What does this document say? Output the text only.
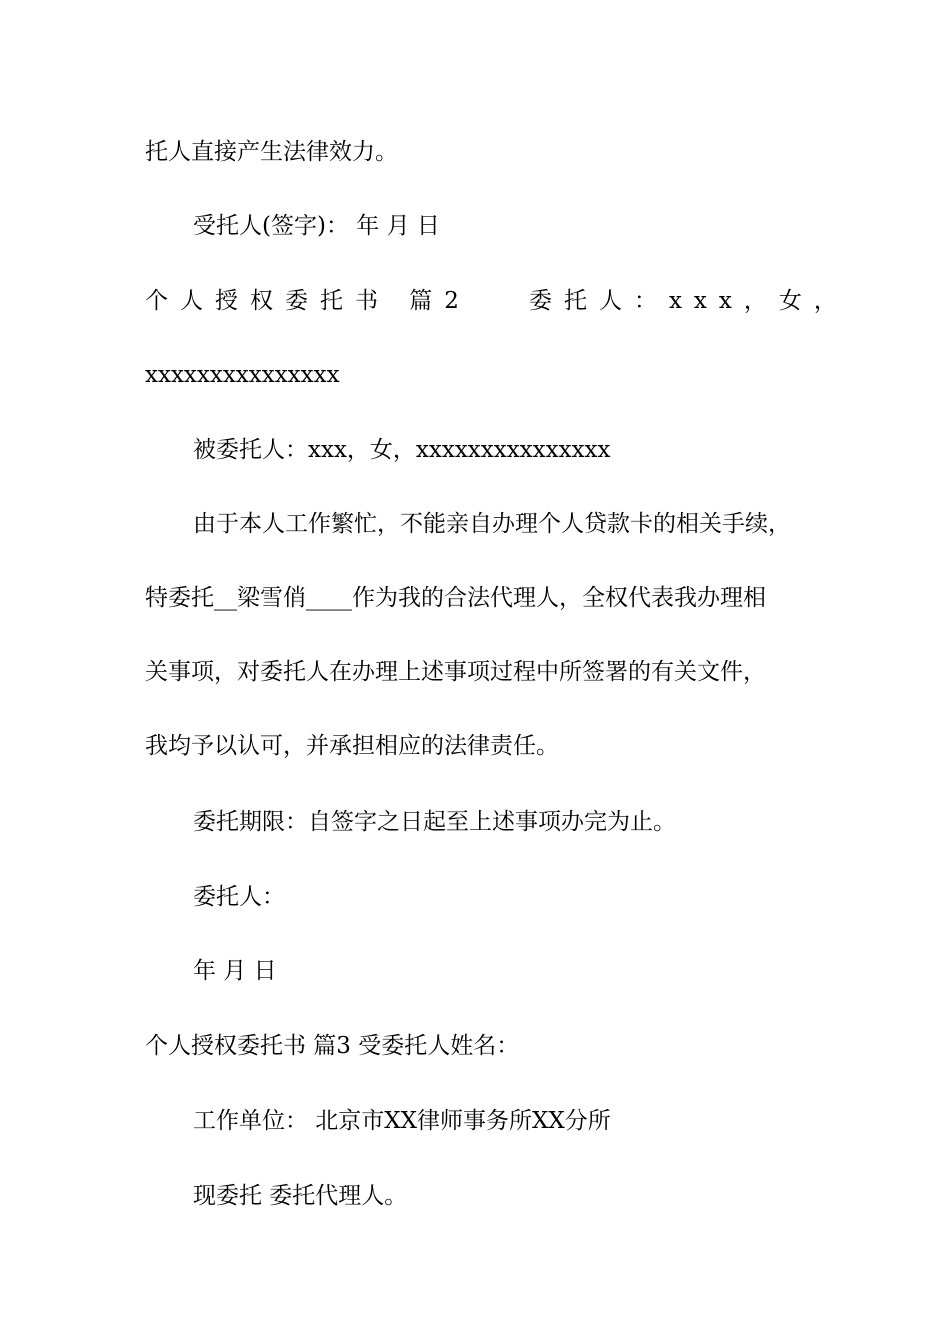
托人直接产生法律效力。
受托人(签字)： 年 月 日
个人授权委托书 篇2	委托人：xxx，女，
xxxxxxxxxxxxxxx
被委托人：xxx，女，xxxxxxxxxxxxxxx
由于本人工作繁忙，不能亲自办理个人贷款卡的相关手续，
特委托__梁雪俏____作为我的合法代理人，全权代表我办理相
关事项，对委托人在办理上述事项过程中所签署的有关文件，
我均予以认可，并承担相应的法律责任。
委托期限：自签字之日起至上述事项办完为止。
委托人：
年 月 日
个人授权委托书 篇3 受委托人姓名：
工作单位： 北京市XX律师事务所XX分所
现委托 委托代理人。
